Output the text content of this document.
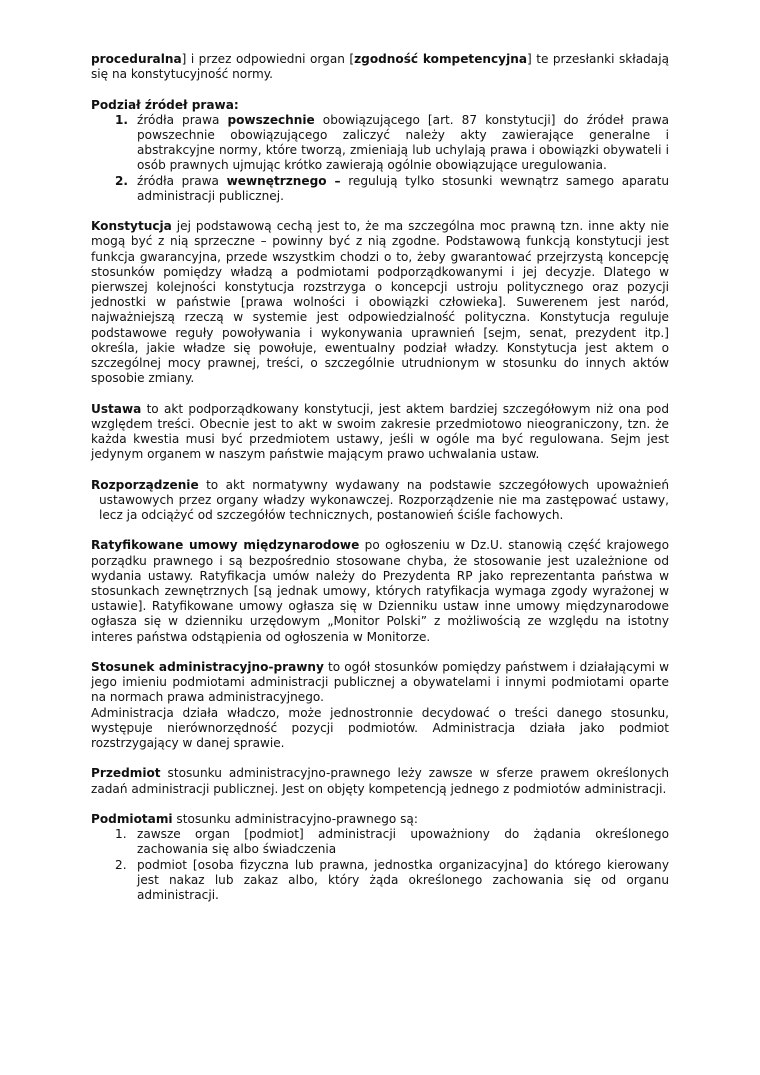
proceduralna] i przez odpowiedni organ [zgodność kompetencyjna] te przesłanki składają się na konstytucyjność normy.

Podział źródeł prawa:

1. źródła prawa powszechnie obowiązującego [art. 87 konstytucji] do źródeł prawa powszechnie obowiązującego zaliczyć należy akty zawierające generalne i abstrakcyjne normy, które tworzą, zmieniają lub uchylają prawa i obowiązki obywateli i osób prawnych ujmując krótko zawierają ogólnie obowiązujące uregulowania.
2. źródła prawa wewnętrznego – regulują tylko stosunki wewnątrz samego aparatu administracji publicznej.

Konstytucja jej podstawową cechą jest to, że ma szczególna moc prawną tzn. inne akty nie mogą być z nią sprzeczne – powinny być z nią zgodne. Podstawową funkcją konstytucji jest funkcja gwarancyjna, przede wszystkim chodzi o to, żeby gwarantować przejrzystą koncepcję stosunków pomiędzy władzą a podmiotami podporządkowanymi i jej decyzje. Dlatego w pierwszej kolejności konstytucja rozstrzyga o koncepcji ustroju politycznego oraz pozycji jednostki w państwie [prawa wolności i obowiązki człowieka]. Suwerenem jest naród, najważniejszą rzeczą w systemie jest odpowiedzialność polityczna. Konstytucja reguluje podstawowe reguły powoływania i wykonywania uprawnień [sejm, senat, prezydent itp.] określa, jakie władze się powołuje, ewentualny podział władzy. Konstytucja jest aktem o szczególnej mocy prawnej, treści, o szczególnie utrudnionym w stosunku do innych aktów sposobie zmiany.

Ustawa to akt podporządkowany konstytucji, jest aktem bardziej szczegółowym niż ona pod względem treści. Obecnie jest to akt w swoim zakresie przedmiotowo nieograniczony, tzn. że każda kwestia musi być przedmiotem ustawy, jeśli w ogóle ma być regulowana. Sejm jest jedynym organem w naszym państwie mającym prawo uchwalania ustaw.

Rozporządzenie to akt normatywny wydawany na podstawie szczegółowych upoważnień ustawowych przez organy władzy wykonawczej. Rozporządzenie nie ma zastępować ustawy, lecz ja odciążyć od szczegółów technicznych, postanowień ściśle fachowych.

Ratyfikowane umowy międzynarodowe po ogłoszeniu w Dz.U. stanowią część krajowego porządku prawnego i są bezpośrednio stosowane chyba, że stosowanie jest uzależnione od wydania ustawy. Ratyfikacja umów należy do Prezydenta RP jako reprezentanta państwa w stosunkach zewnętrznych [są jednak umowy, których ratyfikacja wymaga zgody wyrażonej w ustawie]. Ratyfikowane umowy ogłasza się w Dzienniku ustaw inne umowy międzynarodowe ogłasza się w dzienniku urzędowym „Monitor Polski” z możliwością ze względu na istotny interes państwa odstąpienia od ogłoszenia w Monitorze.

Stosunek administracyjno-prawny to ogół stosunków pomiędzy państwem i działającymi w jego imieniu podmiotami administracji publicznej a obywatelami i innymi podmiotami oparte na normach prawa administracyjnego.

Administracja działa władczo, może jednostronnie decydować o treści danego stosunku, występuje nierównorzędność pozycji podmiotów. Administracja działa jako podmiot rozstrzygający w danej sprawie.

Przedmiot stosunku administracyjno-prawnego leży zawsze w sferze prawem określonych zadań administracji publicznej. Jest on objęty kompetencją jednego z podmiotów administracji.

Podmiotami stosunku administracyjno-prawnego są:

1. zawsze organ [podmiot] administracji upoważniony do żądania określonego zachowania się albo świadczenia
2. podmiot [osoba fizyczna lub prawna, jednostka organizacyjna] do którego kierowany jest nakaz lub zakaz albo, który żąda określonego zachowania się od organu administracji.
